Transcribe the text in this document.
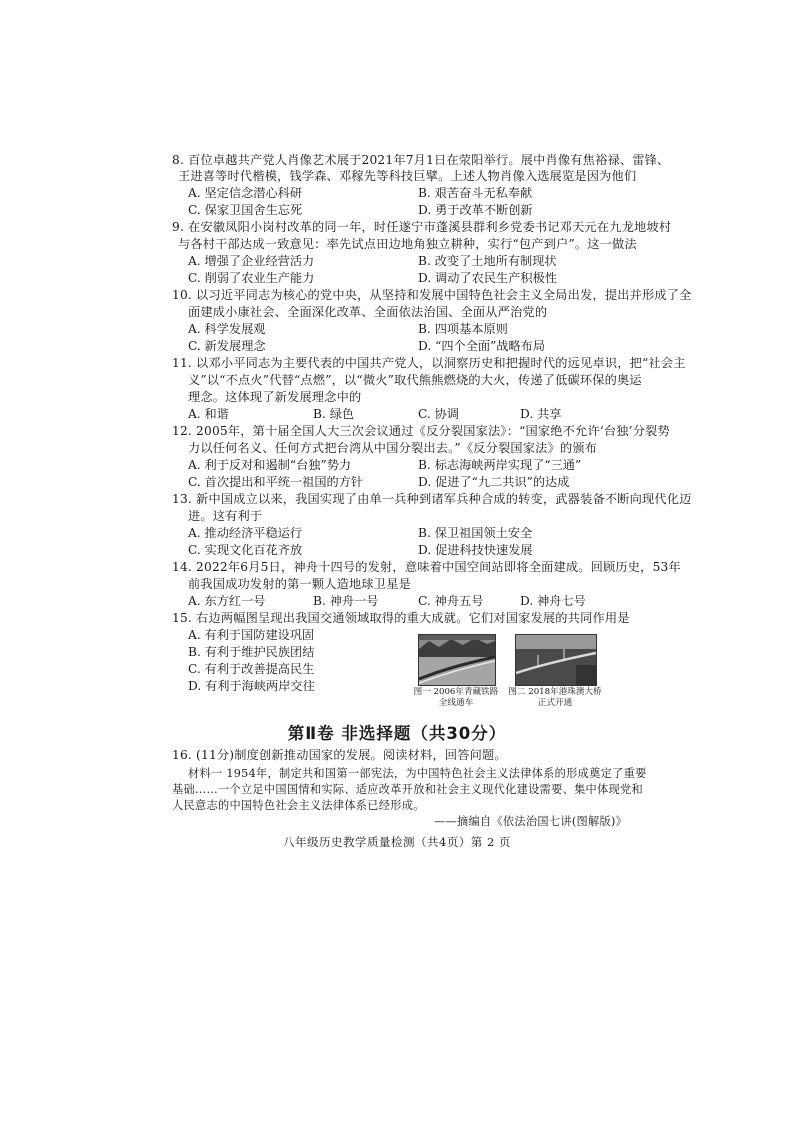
8. 百位卓越共产党人肖像艺术展于2021年7月1日在荥阳举行。展中肖像有焦裕禄、雷锋、
王进喜等时代楷模，钱学森、邓稼先等科技巨擘。上述人物肖像入选展览是因为他们
A. 坚定信念潜心科研	B. 艰苦奋斗无私奉献
C. 保家卫国舍生忘死	D. 勇于改革不断创新
9. 在安徽凤阳小岗村改革的同一年，时任遂宁市蓬溪县群利乡党委书记邓天元在九龙地坡村
与各村干部达成一致意见：率先试点田边地角独立耕种，实行“包产到户”。这一做法
A. 增强了企业经营活力	B. 改变了土地所有制现状
C. 削弱了农业生产能力	D. 调动了农民生产积极性
10. 以习近平同志为核心的党中央，从坚持和发展中国特色社会主义全局出发，提出并形成了全
面建成小康社会、全面深化改革、全面依法治国、全面从严治党的
A. 科学发展观	B. 四项基本原则
C. 新发展理念	D. “四个全面”战略布局
11. 以邓小平同志为主要代表的中国共产党人，以洞察历史和把握时代的远见卓识，把“社会主
义”以“不点火”代替“点燃”，以“微火”取代熊熊燃烧的大火，传递了低碳环保的奥运
理念。这体现了新发展理念中的
A. 和谐	B. 绿色	C. 协调	D. 共享
12. 2005年，第十届全国人大三次会议通过《反分裂国家法》：“国家绝不允许‘台独’分裂势
力以任何名义、任何方式把台湾从中国分裂出去。”《反分裂国家法》的颁布
A. 利于反对和遏制“台独”势力	B. 标志海峡两岸实现了“三通”
C. 首次提出和平统一祖国的方针	D. 促进了“九二共识”的达成
13. 新中国成立以来，我国实现了由单一兵种到诸军兵种合成的转变，武器装备不断向现代化迈
进。这有利于
A. 推动经济平稳运行	B. 保卫祖国领土安全
C. 实现文化百花齐放	D. 促进科技快速发展
14. 2022年6月5日，神舟十四号的发射，意味着中国空间站即将全面建成。回顾历史，53年
前我国成功发射的第一颗人造地球卫星是
A. 东方红一号	B. 神舟一号	C. 神舟五号	D. 神舟七号
15. 右边两幅图呈现出我国交通领域取得的重大成就。它们对国家发展的共同作用是
A. 有利于国防建设巩固
B. 有利于维护民族团结
C. 有利于改善提高民生
D. 有利于海峡两岸交往	图一 2006年青藏铁路
全线通车
图二 2018年港珠澳大桥
正式开通
第Ⅱ卷 非选择题（共30分）
16. (11分)制度创新推动国家的发展。阅读材料，回答问题。
材料一 1954年，制定共和国第一部宪法，为中国特色社会主义法律体系的形成奠定了重要
基础……一个立足中国国情和实际、适应改革开放和社会主义现代化建设需要、集中体现党和
人民意志的中国特色社会主义法律体系已经形成。
——摘编自《依法治国七讲(图解版)》
八年级历史教学质量检测（共4页）第 2 页
